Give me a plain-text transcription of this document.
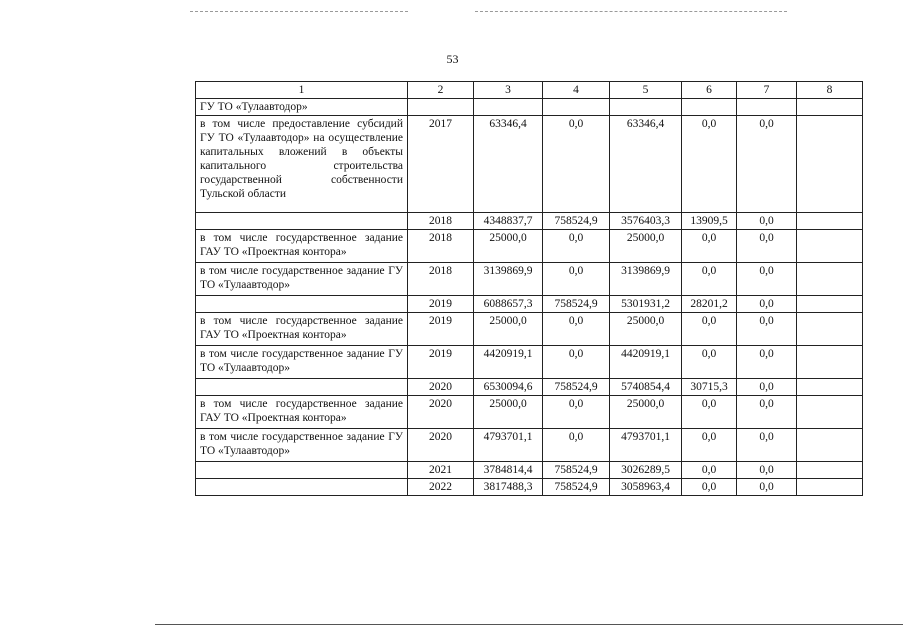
53
1	2	3	4	5	6	7	8
ГУ ТО «Тулаавтодор»							
в том числе предоставление субсидий ГУ ТО «Тулаавтодор» на осуществление капитальных вложений в объекты капитального строительства государственной собственности Тульской области	2017	63346,4	0,0	63346,4	0,0	0,0	
	2018	4348837,7	758524,9	3576403,3	13909,5	0,0	
в том числе государственное задание ГАУ ТО «Проектная контора»	2018	25000,0	0,0	25000,0	0,0	0,0	
в том числе государственное задание ГУ ТО «Тулаавтодор»	2018	3139869,9	0,0	3139869,9	0,0	0,0	
	2019	6088657,3	758524,9	5301931,2	28201,2	0,0	
в том числе государственное задание ГАУ ТО «Проектная контора»	2019	25000,0	0,0	25000,0	0,0	0,0	
в том числе государственное задание ГУ ТО «Тулаавтодор»	2019	4420919,1	0,0	4420919,1	0,0	0,0	
	2020	6530094,6	758524,9	5740854,4	30715,3	0,0	
в том числе государственное задание ГАУ ТО «Проектная контора»	2020	25000,0	0,0	25000,0	0,0	0,0	
в том числе государственное задание ГУ ТО «Тулаавтодор»	2020	4793701,1	0,0	4793701,1	0,0	0,0	
	2021	3784814,4	758524,9	3026289,5	0,0	0,0	
	2022	3817488,3	758524,9	3058963,4	0,0	0,0	
